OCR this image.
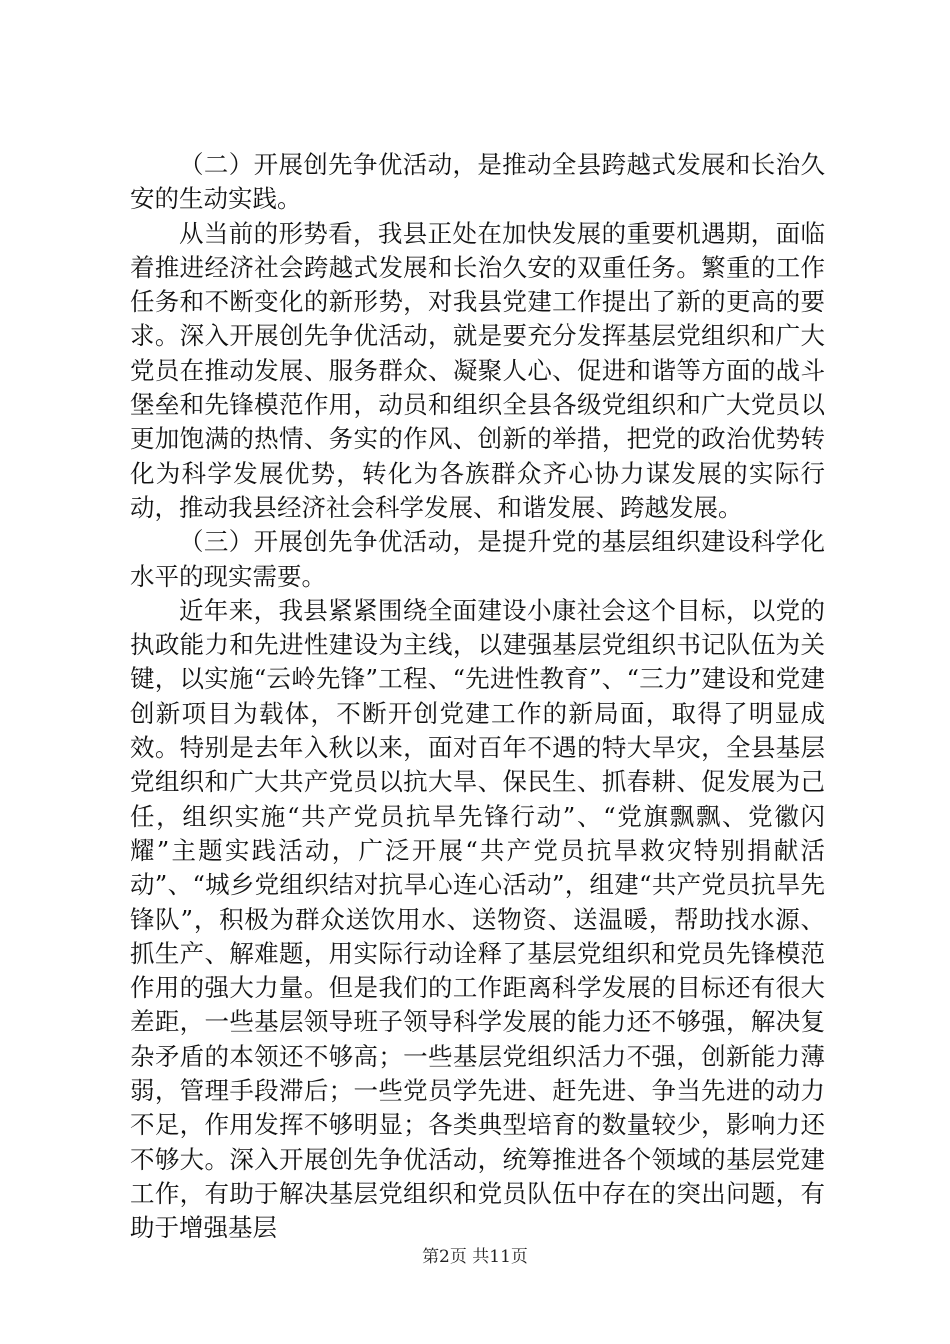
（二）开展创先争优活动，是推动全县跨越式发展和长治久安的生动实践。

从当前的形势看，我县正处在加快发展的重要机遇期，面临着推进经济社会跨越式发展和长治久安的双重任务。繁重的工作任务和不断变化的新形势，对我县党建工作提出了新的更高的要求。深入开展创先争优活动，就是要充分发挥基层党组织和广大党员在推动发展、服务群众、凝聚人心、促进和谐等方面的战斗堡垒和先锋模范作用，动员和组织全县各级党组织和广大党员以更加饱满的热情、务实的作风、创新的举措，把党的政治优势转化为科学发展优势，转化为各族群众齐心协力谋发展的实际行动，推动我县经济社会科学发展、和谐发展、跨越发展。

（三）开展创先争优活动，是提升党的基层组织建设科学化水平的现实需要。

近年来，我县紧紧围绕全面建设小康社会这个目标，以党的执政能力和先进性建设为主线，以建强基层党组织书记队伍为关键，以实施“云岭先锋”工程、“先进性教育”、“三力”建设和党建创新项目为载体，不断开创党建工作的新局面，取得了明显成效。特别是去年入秋以来，面对百年不遇的特大旱灾，全县基层党组织和广大共产党员以抗大旱、保民生、抓春耕、促发展为己任，组织实施“共产党员抗旱先锋行动”、“党旗飘飘、党徽闪耀”主题实践活动，广泛开展“共产党员抗旱救灾特别捐献活动”、“城乡党组织结对抗旱心连心活动”，组建“共产党员抗旱先锋队”，积极为群众送饮用水、送物资、送温暖，帮助找水源、抓生产、解难题，用实际行动诠释了基层党组织和党员先锋模范作用的强大力量。但是我们的工作距离科学发展的目标还有很大差距，一些基层领导班子领导科学发展的能力还不够强，解决复杂矛盾的本领还不够高；一些基层党组织活力不强，创新能力薄弱，管理手段滞后；一些党员学先进、赶先进、争当先进的动力不足，作用发挥不够明显；各类典型培育的数量较少，影响力还不够大。深入开展创先争优活动，统筹推进各个领域的基层党建工作，有助于解决基层党组织和党员队伍中存在的突出问题，有助于增强基层

第2页 共11页
